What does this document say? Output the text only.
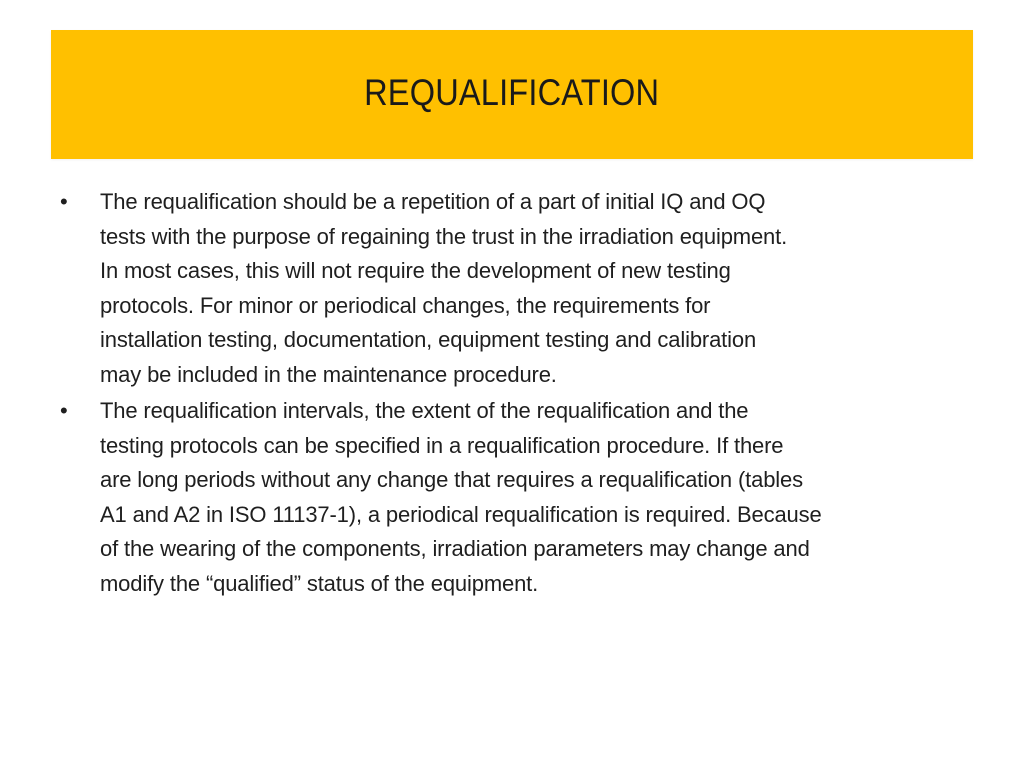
REQUALIFICATION
• The requalification should be a repetition of a part of initial IQ and OQ
tests with the purpose of regaining the trust in the irradiation equipment.
In most cases, this will not require the development of new testing
protocols. For minor or periodical changes, the requirements for
installation testing, documentation, equipment testing and calibration
may be included in the maintenance procedure.
• The requalification intervals, the extent of the requalification and the
testing protocols can be specified in a requalification procedure. If there
are long periods without any change that requires a requalification (tables
A1 and A2 in ISO 11137-1), a periodical requalification is required. Because
of the wearing of the components, irradiation parameters may change and
modify the “qualified” status of the equipment.
